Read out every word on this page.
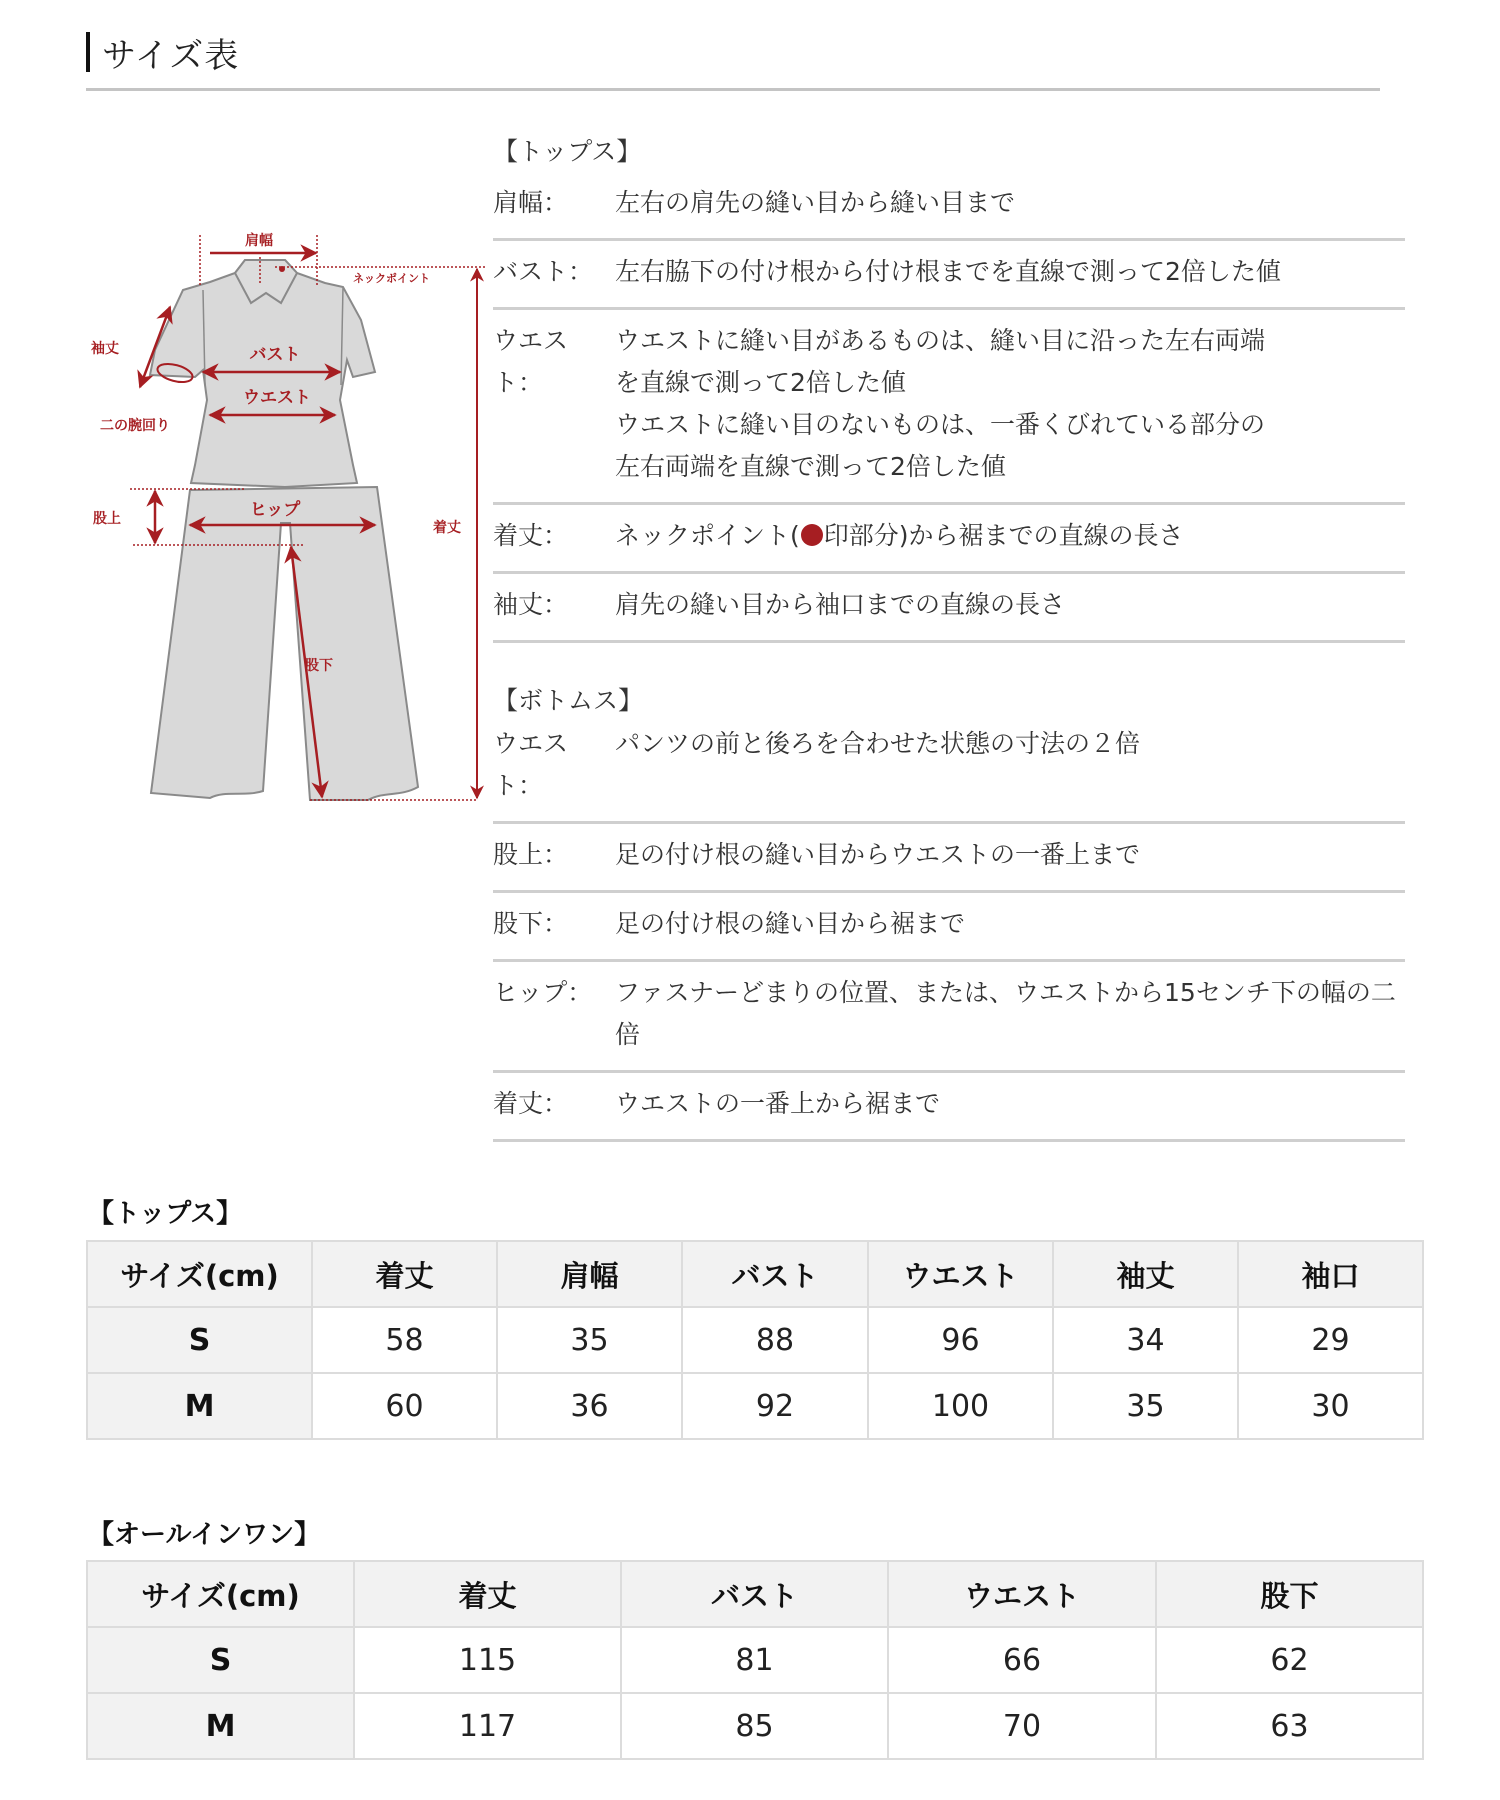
サイズ表
肩幅
ネックポイント
着丈
袖丈
二の腕回り
バスト
ウエスト
股上	ヒップ
股下
【トップス】
肩幅：	左右の肩先の縫い目から縫い目まで
バスト： 左右脇下の付け根から付け根までを直線で測って2倍した値
ウエスト：
ウエストに縫い目があるものは、縫い目に沿った左右両端
を直線で測って2倍した値
ウエストに縫い目のないものは、一番くびれている部分の
左右両端を直線で測って2倍した値
着丈：	ネックポイント( 印部分)から裾までの直線の長さ
袖丈：	肩先の縫い目から袖口までの直線の長さ
【ボトムス】
ウエスト：
パンツの前と後ろを合わせた状態の寸法の２倍
股上：	足の付け根の縫い目からウエストの一番上まで
股下：	足の付け根の縫い目から裾まで
ヒップ： ファスナーどまりの位置、または、ウエストから15センチ下の幅の二倍
着丈：	ウエストの一番上から裾まで
【トップス】
サイズ(cm)	着丈	肩幅	バスト	ウエスト	袖丈	袖口
S	58	35	88	96	34	29
M	60	36	92	100	35	30
【オールインワン】
サイズ(cm)	着丈	バスト	ウエスト	股下
S	115	81	66	62
M	117	85	70	63
